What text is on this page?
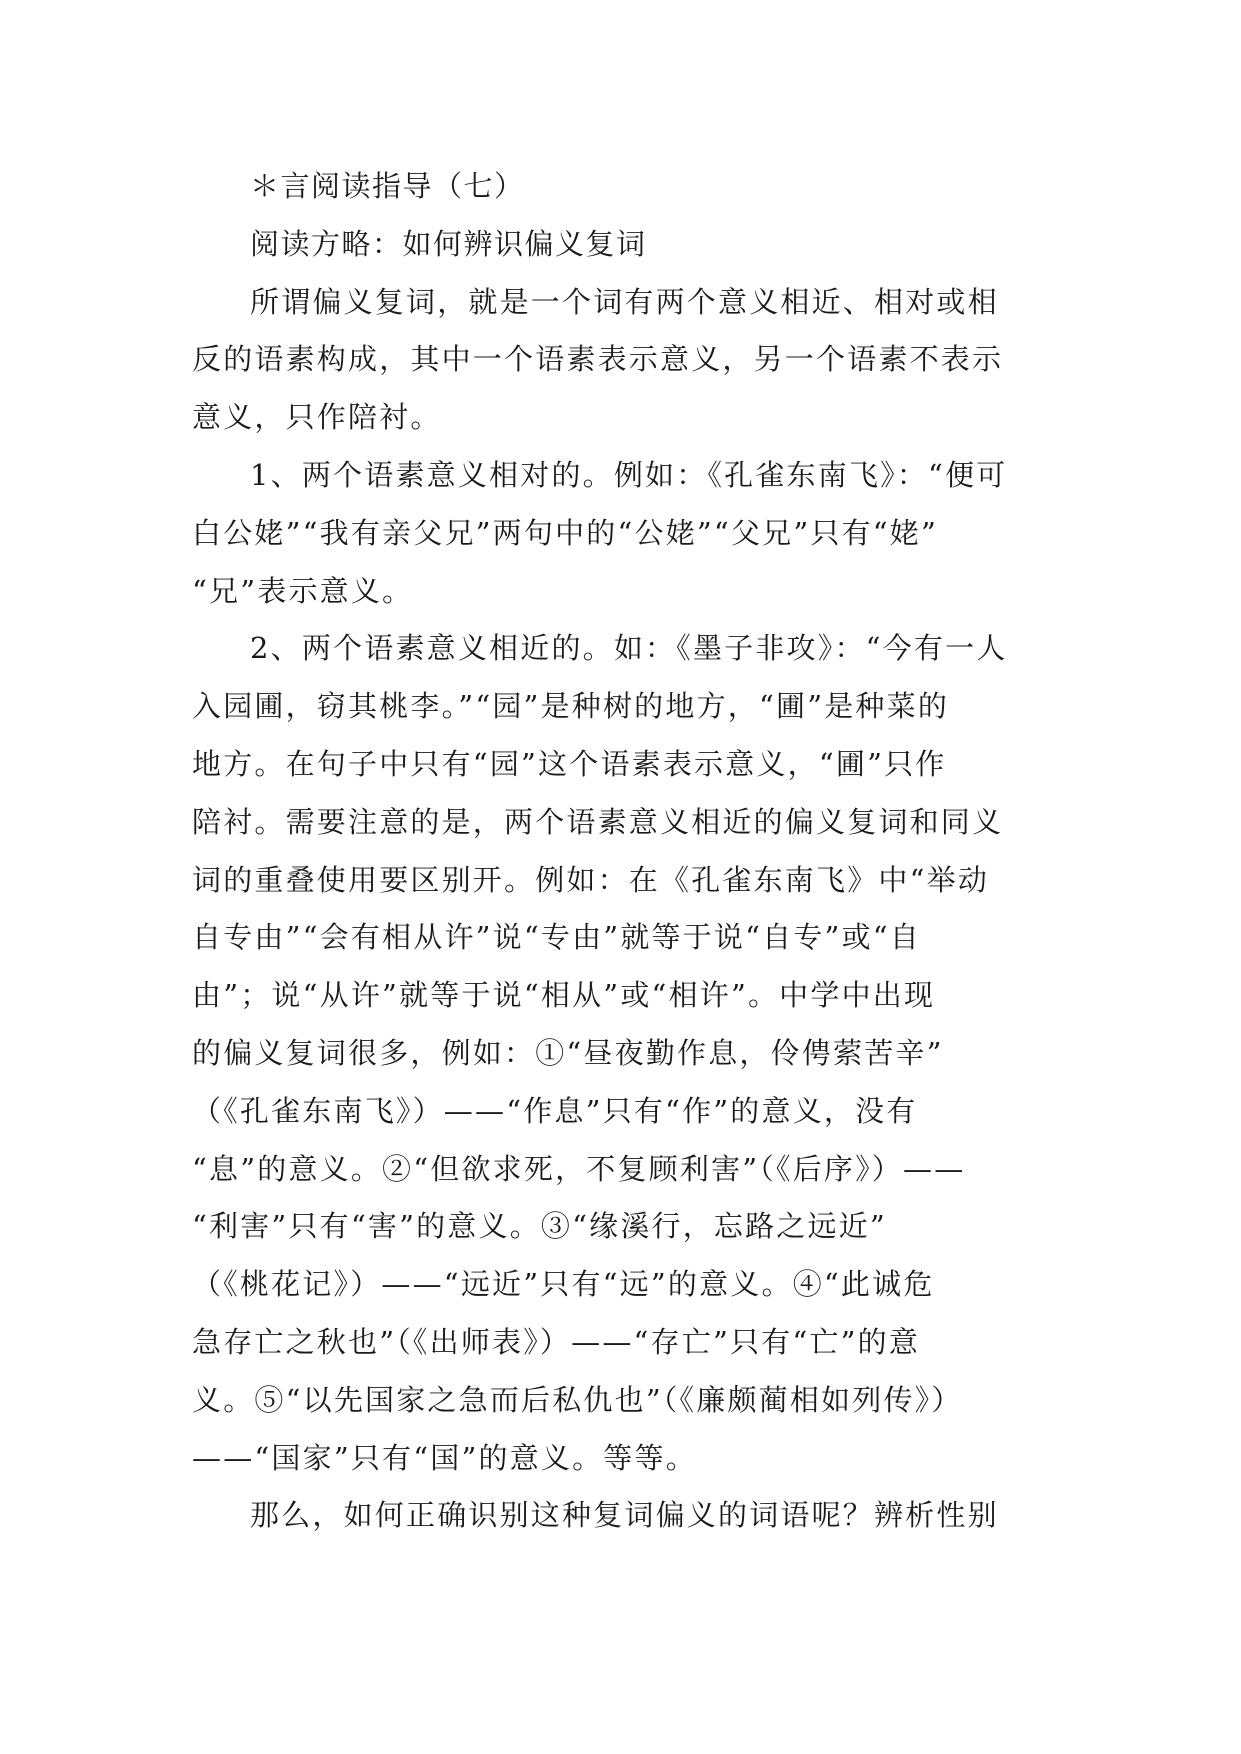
＊言阅读指导（七）

阅读方略：如何辨识偏义复词

所谓偏义复词，就是一个词有两个意义相近、相对或相

反的语素构成，其中一个语素表示意义，另一个语素不表示

意义，只作陪衬。

1、两个语素意义相对的。例如：《孔雀东南飞》：“便可

白公姥”“我有亲父兄”两句中的“公姥”“父兄”只有“姥”

“兄”表示意义。

2、两个语素意义相近的。如：《墨子非攻》：“今有一人

入园圃，窃其桃李。”“园”是种树的地方，“圃”是种菜的

地方。在句子中只有“园”这个语素表示意义，“圃”只作

陪衬。需要注意的是，两个语素意义相近的偏义复词和同义

词的重叠使用要区别开。例如：在《孔雀东南飞》中“举动

自专由”“会有相从许”说“专由”就等于说“自专”或“自

由”；说“从许”就等于说“相从”或“相许”。中学中出现

的偏义复词很多，例如：①“昼夜勤作息，伶俜萦苦辛”

（《孔雀东南飞》）——“作息”只有“作”的意义，没有

“息”的意义。②“但欲求死，不复顾利害”（《后序》）——

“利害”只有“害”的意义。③“缘溪行，忘路之远近”

（《桃花记》）——“远近”只有“远”的意义。④“此诚危

急存亡之秋也”（《出师表》）——“存亡”只有“亡”的意

义。⑤“以先国家之急而后私仇也”（《廉颇蔺相如列传》）

——“国家”只有“国”的意义。等等。

那么，如何正确识别这种复词偏义的词语呢？辨析性别
